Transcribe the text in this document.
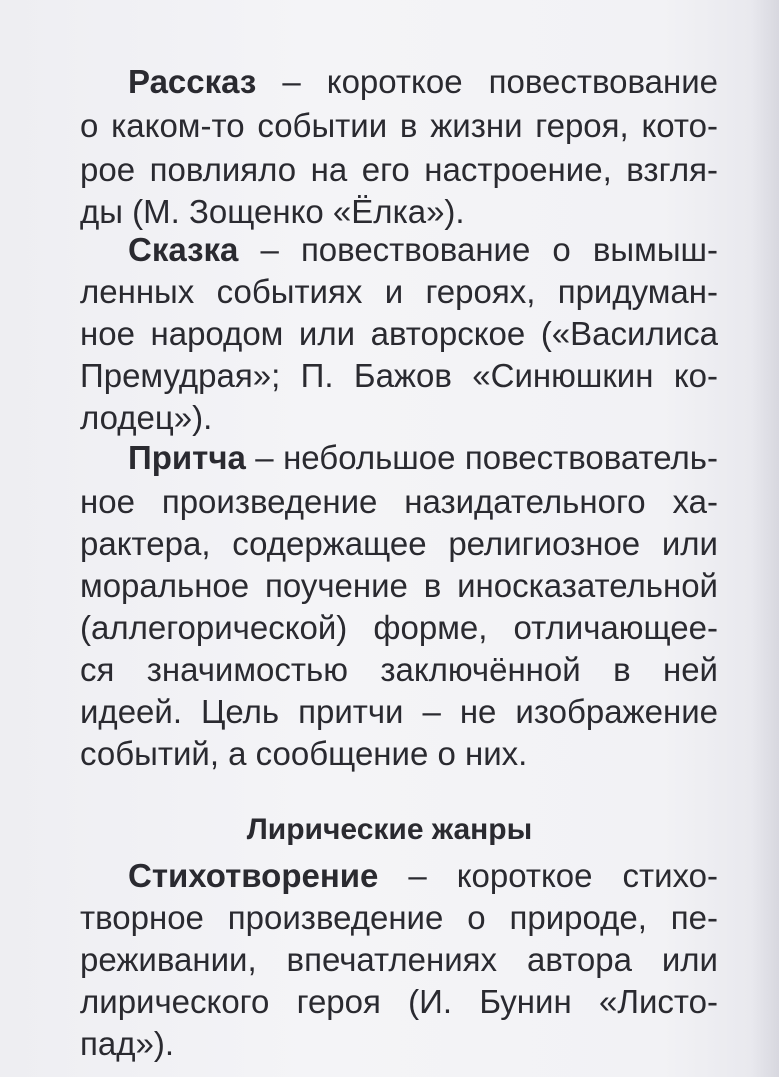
Рассказ – короткое повествование
о каком-то событии в жизни героя, кото-
рое повлияло на его настроение, взгля-
ды (М. Зощенко «Ёлка»).
Сказка – повествование о вымыш-
ленных событиях и героях, придуман-
ное народом или авторское («Василиса
Премудрая»; П. Бажов «Синюшкин ко-
лодец»).
Притча – небольшое повествователь-
ное произведение назидательного ха-
рактера, содержащее религиозное или
моральное поучение в иносказательной
(аллегорической) форме, отличающее-
ся значимостью заключённой в ней
идеей. Цель притчи – не изображение
событий, а сообщение о них.
Лирические жанры
Стихотворение – короткое стихо-
творное произведение о природе, пе-
реживании, впечатлениях автора или
лирического героя (И. Бунин «Листо-
пад»).
